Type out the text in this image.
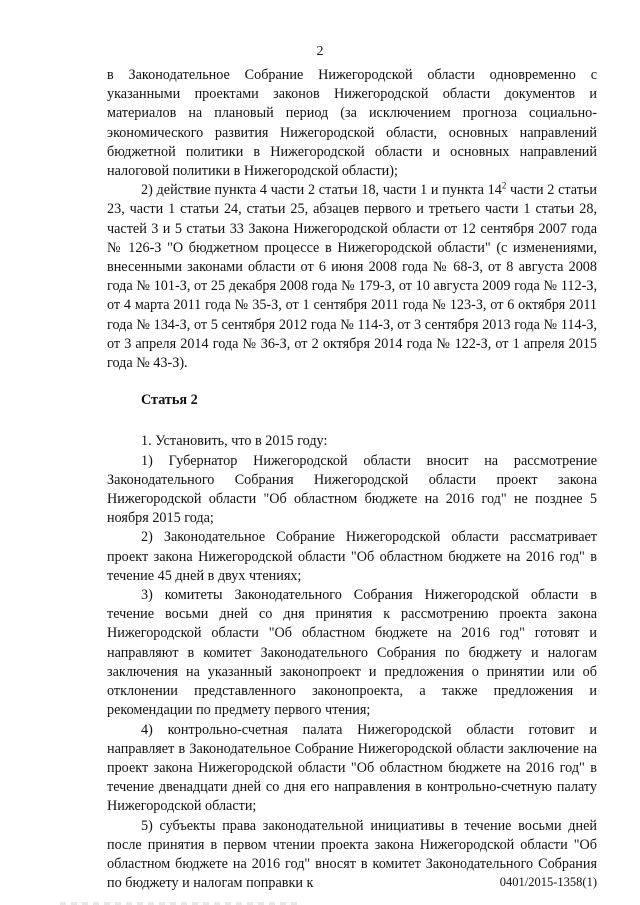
2

в Законодательное Собрание Нижегородской области одновременно с указанными проектами законов Нижегородской области документов и материалов на плановый период (за исключением прогноза социально-экономического развития Нижегородской области, основных направлений бюджетной политики в Нижегородской области и основных направлений налоговой политики в Нижегородской области);

2) действие пункта 4 части 2 статьи 18, части 1 и пункта $14^2$ части 2 статьи 23, части 1 статьи 24, статьи 25, абзацев первого и третьего части 1 статьи 28, частей 3 и 5 статьи 33 Закона Нижегородской области от 12 сентября 2007 года № 126-З "О бюджетном процессе в Нижегородской области" (с изменениями, внесенными законами области от 6 июня 2008 года № 68-З, от 8 августа 2008 года № 101-З, от 25 декабря 2008 года № 179-З, от 10 августа 2009 года № 112-З, от 4 марта 2011 года № 35-З, от 1 сентября 2011 года № 123-З, от 6 октября 2011 года № 134-З, от 5 сентября 2012 года № 114-З, от 3 сентября 2013 года № 114-З, от 3 апреля 2014 года № 36-З, от 2 октября 2014 года № 122-З, от 1 апреля 2015 года № 43-З).

Статья 2

1. Установить, что в 2015 году:

1) Губернатор Нижегородской области вносит на рассмотрение Законодательного Собрания Нижегородской области проект закона Нижегородской области "Об областном бюджете на 2016 год" не позднее 5 ноября 2015 года;

2) Законодательное Собрание Нижегородской области рассматривает проект закона Нижегородской области "Об областном бюджете на 2016 год" в течение 45 дней в двух чтениях;

3) комитеты Законодательного Собрания Нижегородской области в течение восьми дней со дня принятия к рассмотрению проекта закона Нижегородской области "Об областном бюджете на 2016 год" готовят и направляют в комитет Законодательного Собрания по бюджету и налогам заключения на указанный законопроект и предложения о принятии или об отклонении представленного законопроекта, а также предложения и рекомендации по предмету первого чтения;

4) контрольно-счетная палата Нижегородской области готовит и направляет в Законодательное Собрание Нижегородской области заключение на проект закона Нижегородской области "Об областном бюджете на 2016 год" в течение двенадцати дней со дня его направления в контрольно-счетную палату Нижегородской области;

5) субъекты права законодательной инициативы в течение восьми дней после принятия в первом чтении проекта закона Нижегородской области "Об областном бюджете на 2016 год" вносят в комитет Законодательного Собрания по бюджету и налогам поправки к	0401/2015-1358(1)
